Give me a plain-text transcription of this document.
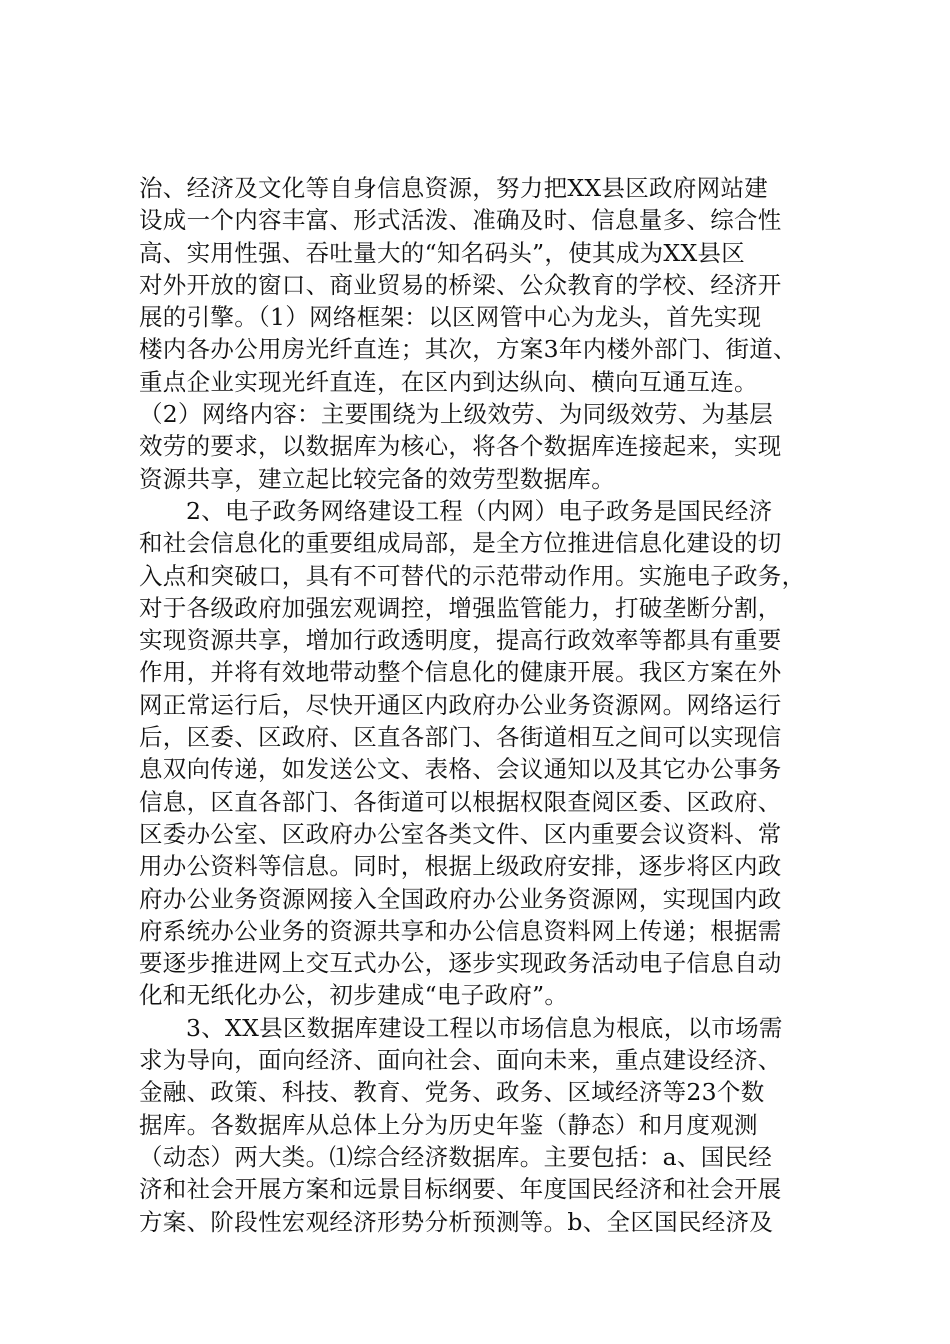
治、经济及文化等自身信息资源，努力把XX县区政府网站建
设成一个内容丰富、形式活泼、准确及时、信息量多、综合性
高、实用性强、吞吐量大的“知名码头”，使其成为XX县区
对外开放的窗口、商业贸易的桥梁、公众教育的学校、经济开
展的引擎。（1）网络框架：以区网管中心为龙头，首先实现
楼内各办公用房光纤直连；其次，方案3年内楼外部门、街道、
重点企业实现光纤直连，在区内到达纵向、横向互通互连。
（2）网络内容：主要围绕为上级效劳、为同级效劳、为基层
效劳的要求，以数据库为核心，将各个数据库连接起来，实现
资源共享，建立起比较完备的效劳型数据库。
2、电子政务网络建设工程（内网）电子政务是国民经济
和社会信息化的重要组成局部，是全方位推进信息化建设的切
入点和突破口，具有不可替代的示范带动作用。实施电子政务，
对于各级政府加强宏观调控，增强监管能力，打破垄断分割，
实现资源共享，增加行政透明度，提高行政效率等都具有重要
作用，并将有效地带动整个信息化的健康开展。我区方案在外
网正常运行后，尽快开通区内政府办公业务资源网。网络运行
后，区委、区政府、区直各部门、各街道相互之间可以实现信
息双向传递，如发送公文、表格、会议通知以及其它办公事务
信息，区直各部门、各街道可以根据权限查阅区委、区政府、
区委办公室、区政府办公室各类文件、区内重要会议资料、常
用办公资料等信息。同时，根据上级政府安排，逐步将区内政
府办公业务资源网接入全国政府办公业务资源网，实现国内政
府系统办公业务的资源共享和办公信息资料网上传递；根据需
要逐步推进网上交互式办公，逐步实现政务活动电子信息自动
化和无纸化办公，初步建成“电子政府”。
3、XX县区数据库建设工程以市场信息为根底，以市场需
求为导向，面向经济、面向社会、面向未来，重点建设经济、
金融、政策、科技、教育、党务、政务、区域经济等23个数
据库。各数据库从总体上分为历史年鉴（静态）和月度观测
（动态）两大类。⑴综合经济数据库。主要包括：a、国民经
济和社会开展方案和远景目标纲要、年度国民经济和社会开展
方案、阶段性宏观经济形势分析预测等。b、全区国民经济及
